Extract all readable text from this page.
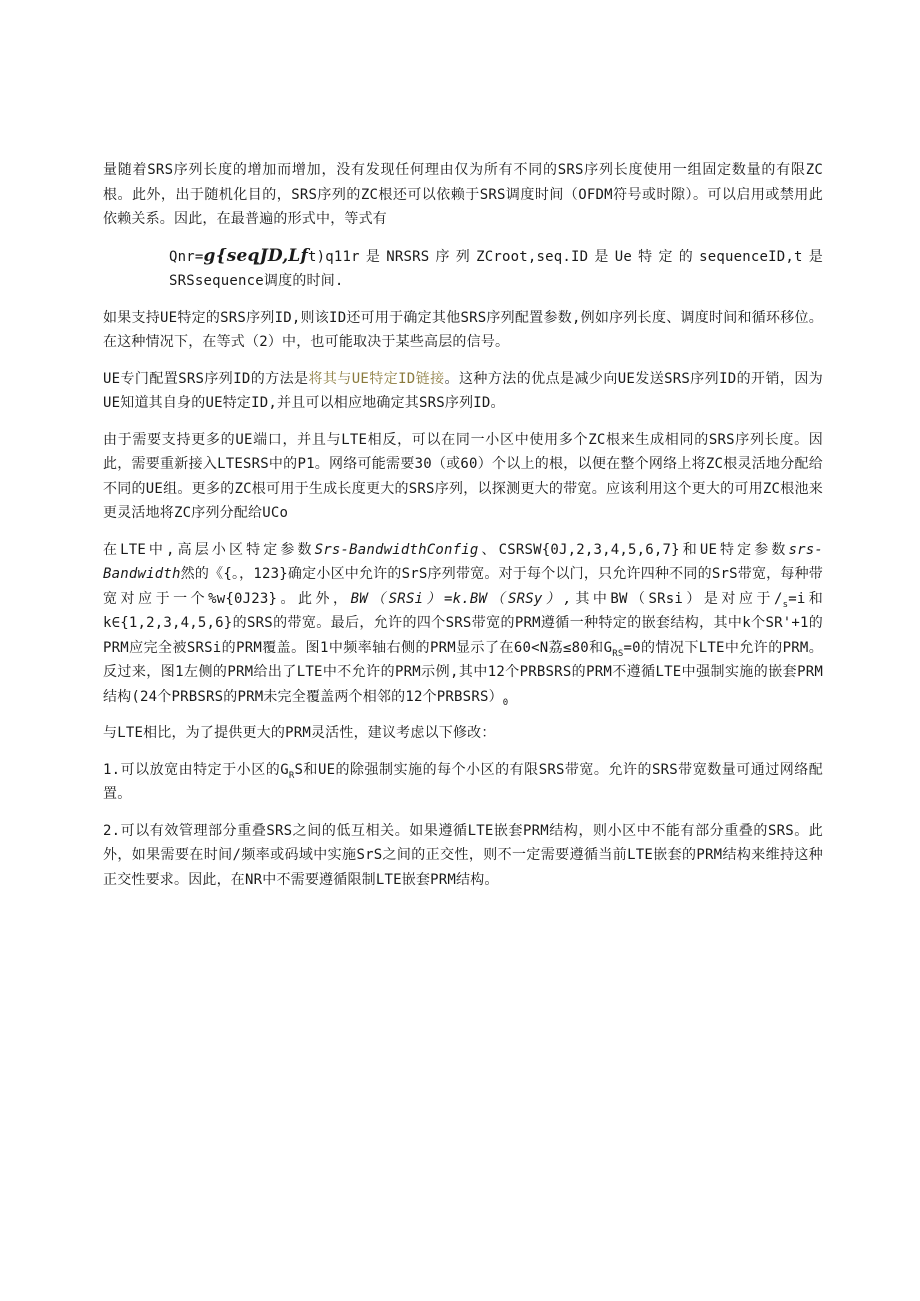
量随着SRS序列长度的增加而增加，没有发现任何理由仅为所有不同的SRS序列长度使用一组固定数量的有限ZC根。此外，出于随机化目的，SRS序列的ZC根还可以依赖于SRS调度时间（OFDM符号或时隙）。可以启用或禁用此依赖关系。因此，在最普遍的形式中，等式有

Qnr=g{seqJD,Lft)q11r是NRSRS序列ZCroot,seq.ID是Ue特定的sequenceID,t是SRSsequence调度的时间.

如果支持UE特定的SRS序列ID,则该ID还可用于确定其他SRS序列配置参数,例如序列长度、调度时间和循环移位。在这种情况下，在等式（2）中，也可能取决于某些高层的信号。

UE专门配置SRS序列ID的方法是将其与UE特定ID链接。这种方法的优点是减少向UE发送SRS序列ID的开销，因为UE知道其自身的UE特定ID,并且可以相应地确定其SRS序列ID。

由于需要支持更多的UE端口，并且与LTE相反，可以在同一小区中使用多个ZC根来生成相同的SRS序列长度。因此，需要重新接入LTESRS中的P1。网络可能需要30（或60）个以上的根，以便在整个网络上将ZC根灵活地分配给不同的UE组。更多的ZC根可用于生成长度更大的SRS序列，以探测更大的带宽。应该利用这个更大的可用ZC根池来更灵活地将ZC序列分配给UCo

在LTE中,高层小区特定参数Srs-BandwidthConfig、CSRSW{0J,2,3,4,5,6,7}和UE特定参数srs-Bandwidth然的《{。，123}确定小区中允许的SrS序列带宽。对于每个以门，只允许四种不同的SrS带宽，每种带宽对应于一个%w{0J23}。此外，BW（SRSi）=k.BW（SRSy）,其中BW（SRsi）是对应于$/_s=i$和k∈{1,2,3,4,5,6}的SRS的带宽。最后，允许的四个SRS带宽的PRM遵循一种特定的嵌套结构，其中k个SR'+1的PRM应完全被SRSi的PRM覆盖。图1中频率轴右侧的PRM显示了在60<N荔≤80和$G_{RS}=0$的情况下LTE中允许的PRM。反过来，图1左侧的PRM给出了LTE中不允许的PRM示例,其中12个PRBSRS的PRM不遵循LTE中强制实施的嵌套PRM结构(24个PRBSRS的PRM未完全覆盖两个相邻的12个$PRBSRS)_0$

与LTE相比，为了提供更大的PRM灵活性，建议考虑以下修改：

1.可以放宽由特定于小区的$G_RS$和UE的除强制实施的每个小区的有限SRS带宽。允许的SRS带宽数量可通过网络配置。

2.可以有效管理部分重叠SRS之间的低互相关。如果遵循LTE嵌套PRM结构，则小区中不能有部分重叠的SRS。此外，如果需要在时间/频率或码域中实施SrS之间的正交性，则不一定需要遵循当前LTE嵌套的PRM结构来维持这种正交性要求。因此，在NR中不需要遵循限制LTE嵌套PRM结构。
